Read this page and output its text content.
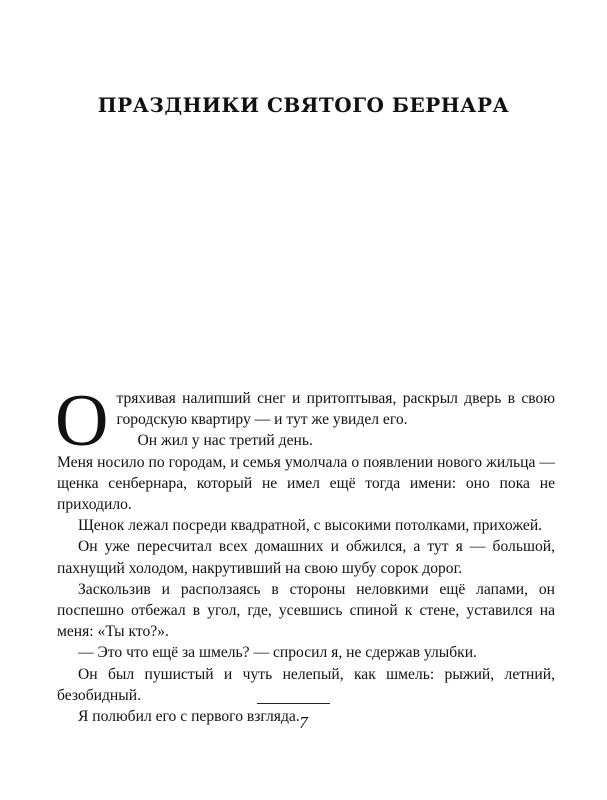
ПРАЗДНИКИ СВЯТОГО БЕРНАРА

Отряхивая налипший снег и притоптывая, раскрыл дверь в свою городскую квартиру — и тут же увидел его.

Он жил у нас третий день.

Меня носило по городам, и семья умолчала о появлении нового жильца — щенка сенбернара, который не имел ещё тогда имени: оно пока не приходило.

Щенок лежал посреди квадратной, с высокими потолками, прихожей.

Он уже пересчитал всех домашних и обжился, а тут я — большой, пахнущий холодом, накрутивший на свою шубу сорок дорог.

Заскользив и расползаясь в стороны неловкими ещё лапами, он поспешно отбежал в угол, где, усевшись спиной к стене, уставился на меня: «Ты кто?».

— Это что ещё за шмель? — спросил я, не сдержав улыбки.

Он был пушистый и чуть нелепый, как шмель: рыжий, летний, безобидный.

Я полюбил его с первого взгляда. 7
